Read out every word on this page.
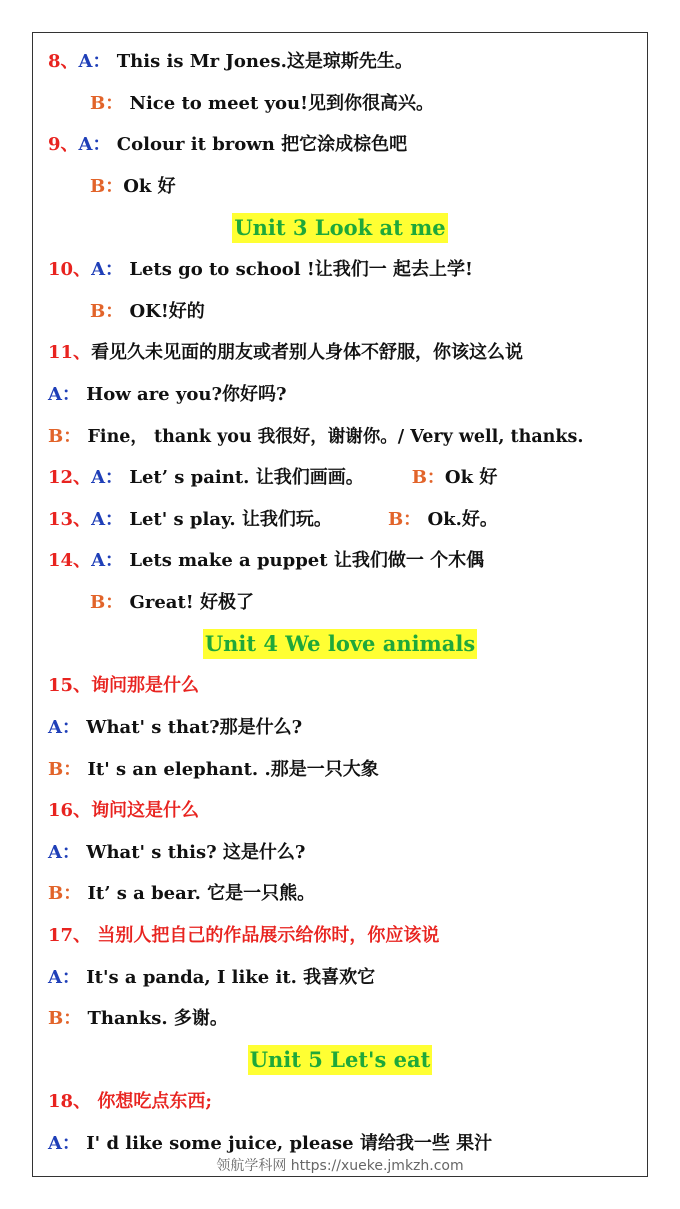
8、A： This is Mr Jones.这是琼斯先生。
B： Nice to meet you!见到你很高兴。
9、A： Colour it brown 把它涂成棕色吧
B：Ok 好
Unit 3 Look at me
10、A： Lets go to school !让我们一 起去上学!
B： OK!好的
11、看见久未见面的朋友或者别人身体不舒服，你该这么说
A： How are you?你好吗?
B： Fine， thank you 我很好，谢谢你。/ Very well, thanks.
12、A： Let’ s paint. 让我们画画。	B：Ok 好
13、A： Let' s play. 让我们玩。	B： Ok.好。
14、A： Lets make a puppet 让我们做一 个木偶
B： Great! 好极了
Unit 4 We love animals
15、询问那是什么
A： What' s that?那是什么?
B： It' s an elephant. .那是一只大象
16、询问这是什么
A： What' s this? 这是什么?
B： It’ s a bear. 它是一只熊。
17、 当别人把自己的作品展示给你时，你应该说
A： It's a panda, I like it. 我喜欢它
B： Thanks. 多谢。
Unit 5 Let's eat
18、 你想吃点东西;
A： I' d like some juice, please 请给我一些 果汁
领航学科网 https://xueke.jmkzh.com
